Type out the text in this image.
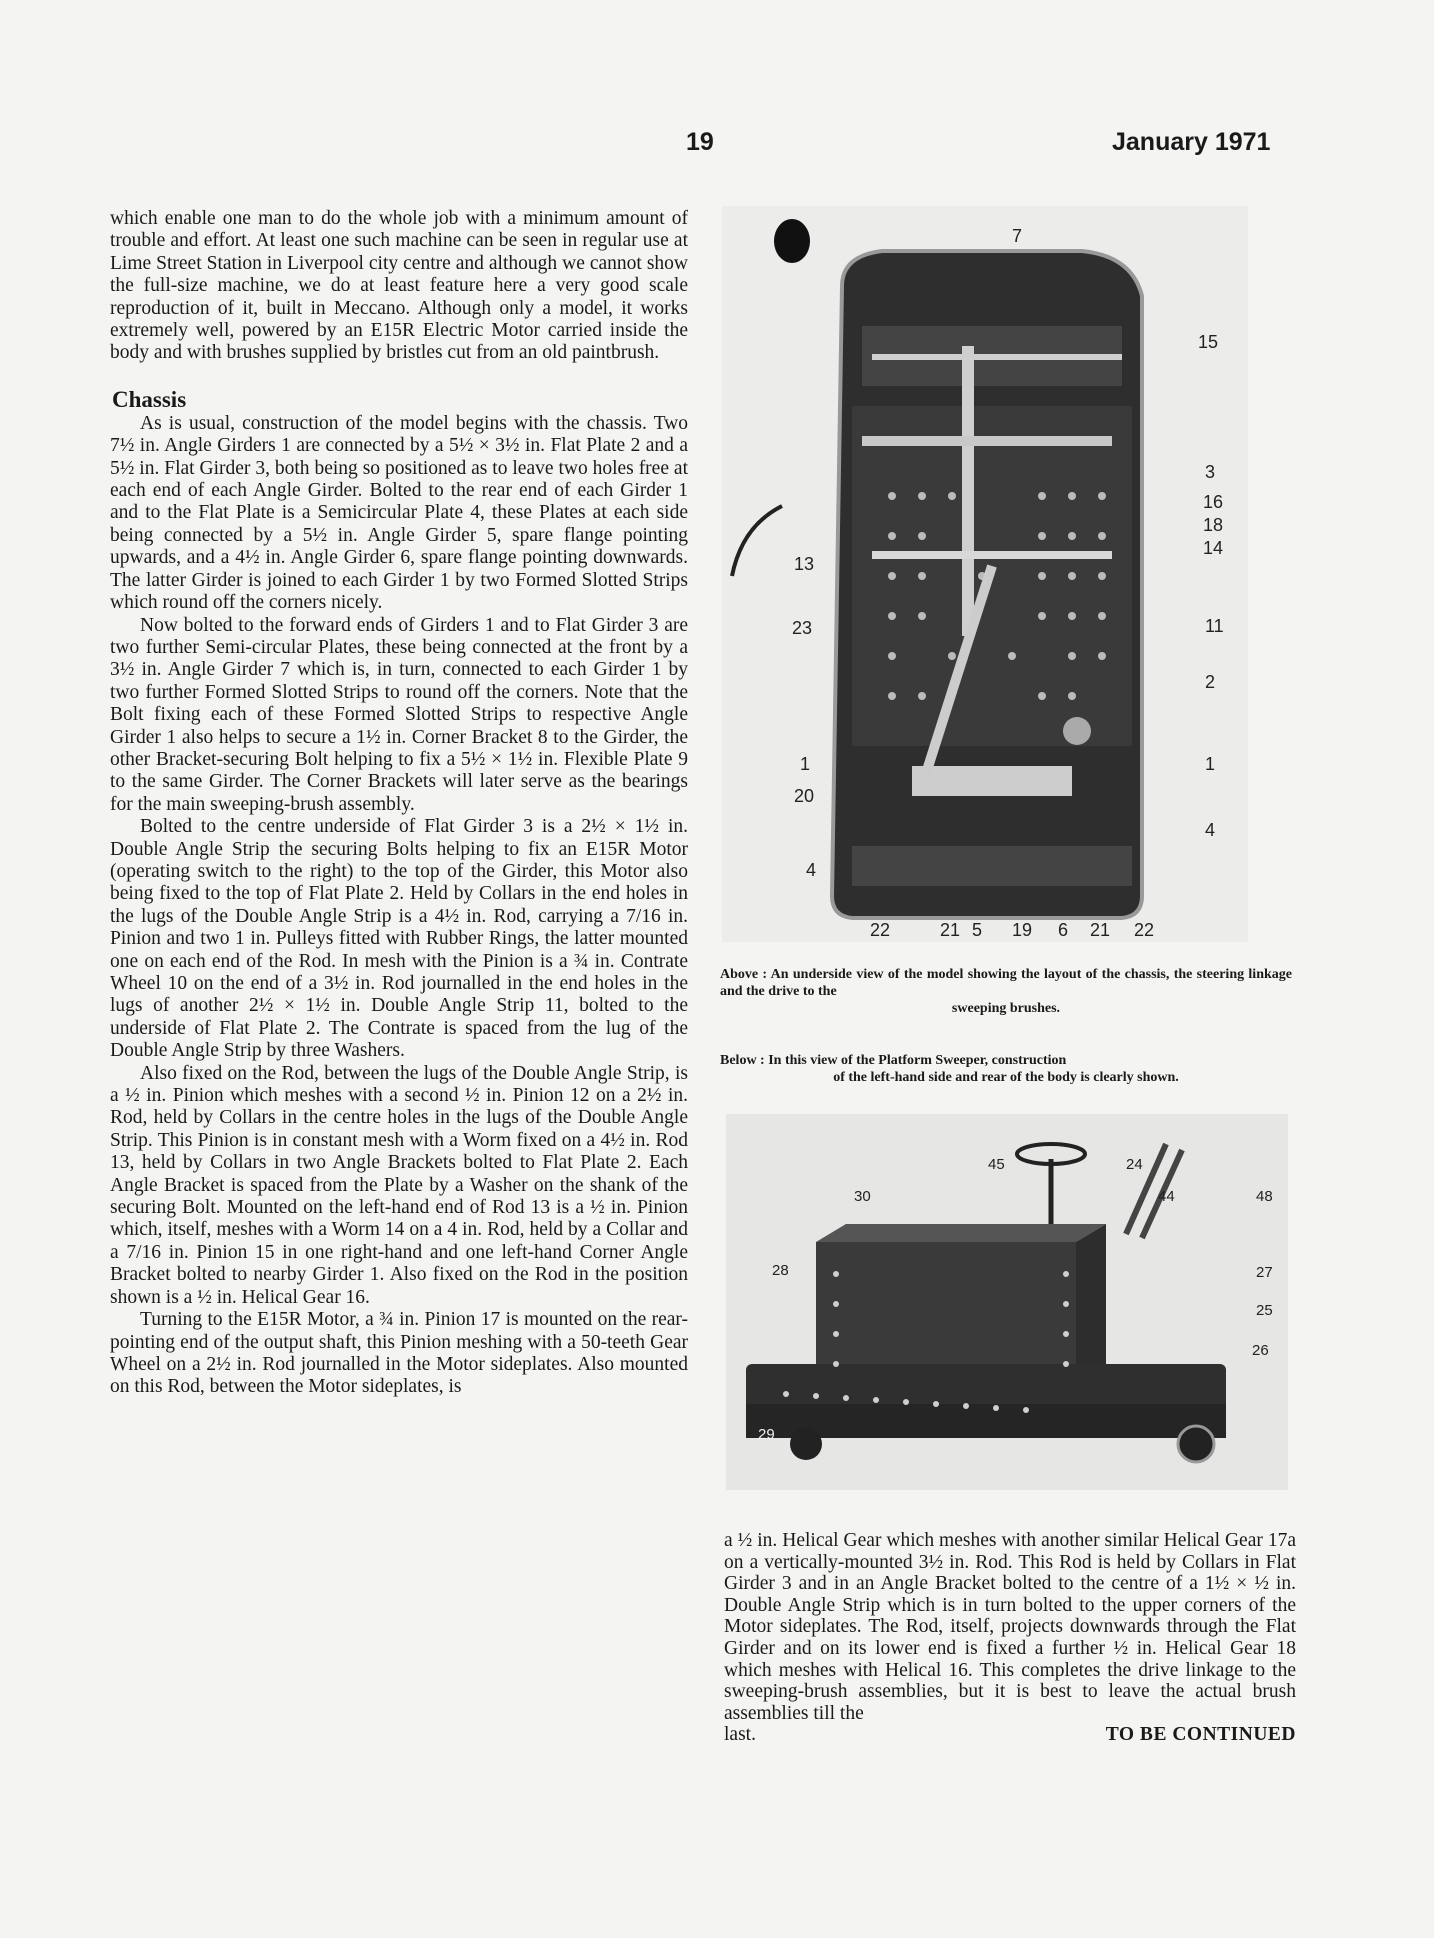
19	January 1971

which enable one man to do the whole job with a minimum amount of trouble and effort. At least one such machine can be seen in regular use at Lime Street Station in Liverpool city centre and although we cannot show the full-size machine, we do at least feature here a very good scale reproduction of it, built in Meccano. Although only a model, it works extremely well, powered by an E15R Electric Motor carried inside the body and with brushes supplied by bristles cut from an old paintbrush.

Chassis

As is usual, construction of the model begins with the chassis. Two 7½ in. Angle Girders 1 are connected by a 5½ × 3½ in. Flat Plate 2 and a 5½ in. Flat Girder 3, both being so positioned as to leave two holes free at each end of each Angle Girder. Bolted to the rear end of each Girder 1 and to the Flat Plate is a Semicircular Plate 4, these Plates at each side being connected by a 5½ in. Angle Girder 5, spare flange pointing upwards, and a 4½ in. Angle Girder 6, spare flange pointing downwards. The latter Girder is joined to each Girder 1 by two Formed Slotted Strips which round off the corners nicely.

Now bolted to the forward ends of Girders 1 and to Flat Girder 3 are two further Semi-circular Plates, these being connected at the front by a 3½ in. Angle Girder 7 which is, in turn, connected to each Girder 1 by two further Formed Slotted Strips to round off the corners. Note that the Bolt fixing each of these Formed Slotted Strips to respective Angle Girder 1 also helps to secure a 1½ in. Corner Bracket 8 to the Girder, the other Bracket-securing Bolt helping to fix a 5½ × 1½ in. Flexible Plate 9 to the same Girder. The Corner Brackets will later serve as the bearings for the main sweeping-brush assembly.

Bolted to the centre underside of Flat Girder 3 is a 2½ × 1½ in. Double Angle Strip the securing Bolts helping to fix an E15R Motor (operating switch to the right) to the top of the Girder, this Motor also being fixed to the top of Flat Plate 2. Held by Collars in the end holes in the lugs of the Double Angle Strip is a 4½ in. Rod, carrying a 7/16 in. Pinion and two 1 in. Pulleys fitted with Rubber Rings, the latter mounted one on each end of the Rod. In mesh with the Pinion is a ¾ in. Contrate Wheel 10 on the end of a 3½ in. Rod journalled in the end holes in the lugs of another 2½ × 1½ in. Double Angle Strip 11, bolted to the underside of Flat Plate 2. The Contrate is spaced from the lug of the Double Angle Strip by three Washers.

Also fixed on the Rod, between the lugs of the Double Angle Strip, is a ½ in. Pinion which meshes with a second ½ in. Pinion 12 on a 2½ in. Rod, held by Collars in the centre holes in the lugs of the Double Angle Strip. This Pinion is in constant mesh with a Worm fixed on a 4½ in. Rod 13, held by Collars in two Angle Brackets bolted to Flat Plate 2. Each Angle Bracket is spaced from the Plate by a Washer on the shank of the securing Bolt. Mounted on the left-hand end of Rod 13 is a ½ in. Pinion which, itself, meshes with a Worm 14 on a 4 in. Rod, held by a Collar and a 7/16 in. Pinion 15 in one right-hand and one left-hand Corner Angle Bracket bolted to nearby Girder 1. Also fixed on the Rod in the position shown is a ½ in. Helical Gear 16.

Turning to the E15R Motor, a ¾ in. Pinion 17 is mounted on the rear-pointing end of the output shaft, this Pinion meshing with a 50-teeth Gear Wheel on a 2½ in. Rod journalled in the Motor sideplates. Also mounted on this Rod, between the Motor sideplates, is

7
15
3
16
18
14
11
2
1
4
13
23
1
20
4
22	21 5 19 6 21 22
Above : An underside view of the model showing the layout of the chassis, the steering linkage and the drive to the
sweeping brushes.
Below : In this view of the Platform Sweeper, construction
of the left-hand side and rear of the body is clearly shown.
45	24
30	44	48
28	27
25
26
29

a ½ in. Helical Gear which meshes with another similar Helical Gear 17a on a vertically-mounted 3½ in. Rod. This Rod is held by Collars in Flat Girder 3 and in an Angle Bracket bolted to the centre of a 1½ × ½ in. Double Angle Strip which is in turn bolted to the upper corners of the Motor sideplates. The Rod, itself, projects downwards through the Flat Girder and on its lower end is fixed a further ½ in. Helical Gear 18 which meshes with Helical 16. This completes the drive linkage to the sweeping-brush assemblies, but it is best to leave the actual brush assemblies till the

last.	TO BE CONTINUED
